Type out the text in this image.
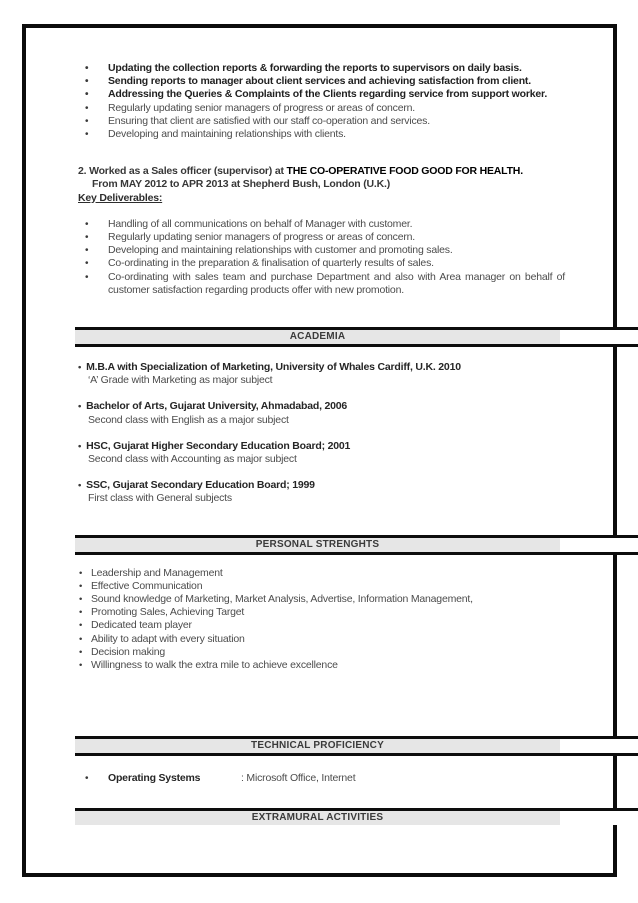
•	Updating the collection reports & forwarding the reports to supervisors on daily basis.
•	Sending reports to manager about client services and achieving satisfaction from client.
•	Addressing the Queries & Complaints of the Clients regarding service from support worker.
•	Regularly updating senior managers of progress or areas of concern.
•	Ensuring that client are satisfied with our staff co-operation and services.
•	Developing and maintaining relationships with clients.
2. Worked as a Sales officer (supervisor) at THE CO-OPERATIVE FOOD GOOD FOR HEALTH.
From MAY 2012 to APR 2013 at Shepherd Bush, London (U.K.)
Key Deliverables:
•	Handling of all communications on behalf of Manager with customer.
•	Regularly updating senior managers of progress or areas of concern.
•	Developing and maintaining relationships with customer and promoting sales.
•	Co-ordinating in the preparation & finalisation of quarterly results of sales.
•	Co-ordinating with sales team and purchase Department and also with Area manager on behalf of customer satisfaction regarding products offer with new promotion.
ACADEMIA
• M.B.A with Specialization of Marketing, University of Whales Cardiff, U.K. 2010
‘A’ Grade with Marketing as major subject
• Bachelor of Arts, Gujarat University, Ahmadabad, 2006
Second class with English as a major subject
• HSC, Gujarat Higher Secondary Education Board; 2001
Second class with Accounting as major subject
• SSC, Gujarat Secondary Education Board; 1999
First class with General subjects
PERSONAL STRENGHTS
• Leadership and Management
• Effective Communication
• Sound knowledge of Marketing, Market Analysis, Advertise, Information Management,
• Promoting Sales, Achieving Target
• Dedicated team player
• Ability to adapt with every situation
• Decision making
• Willingness to walk the extra mile to achieve excellence
TECHNICAL PROFICIENCY
•	Operating Systems	: Microsoft Office, Internet
EXTRAMURAL ACTIVITIES
